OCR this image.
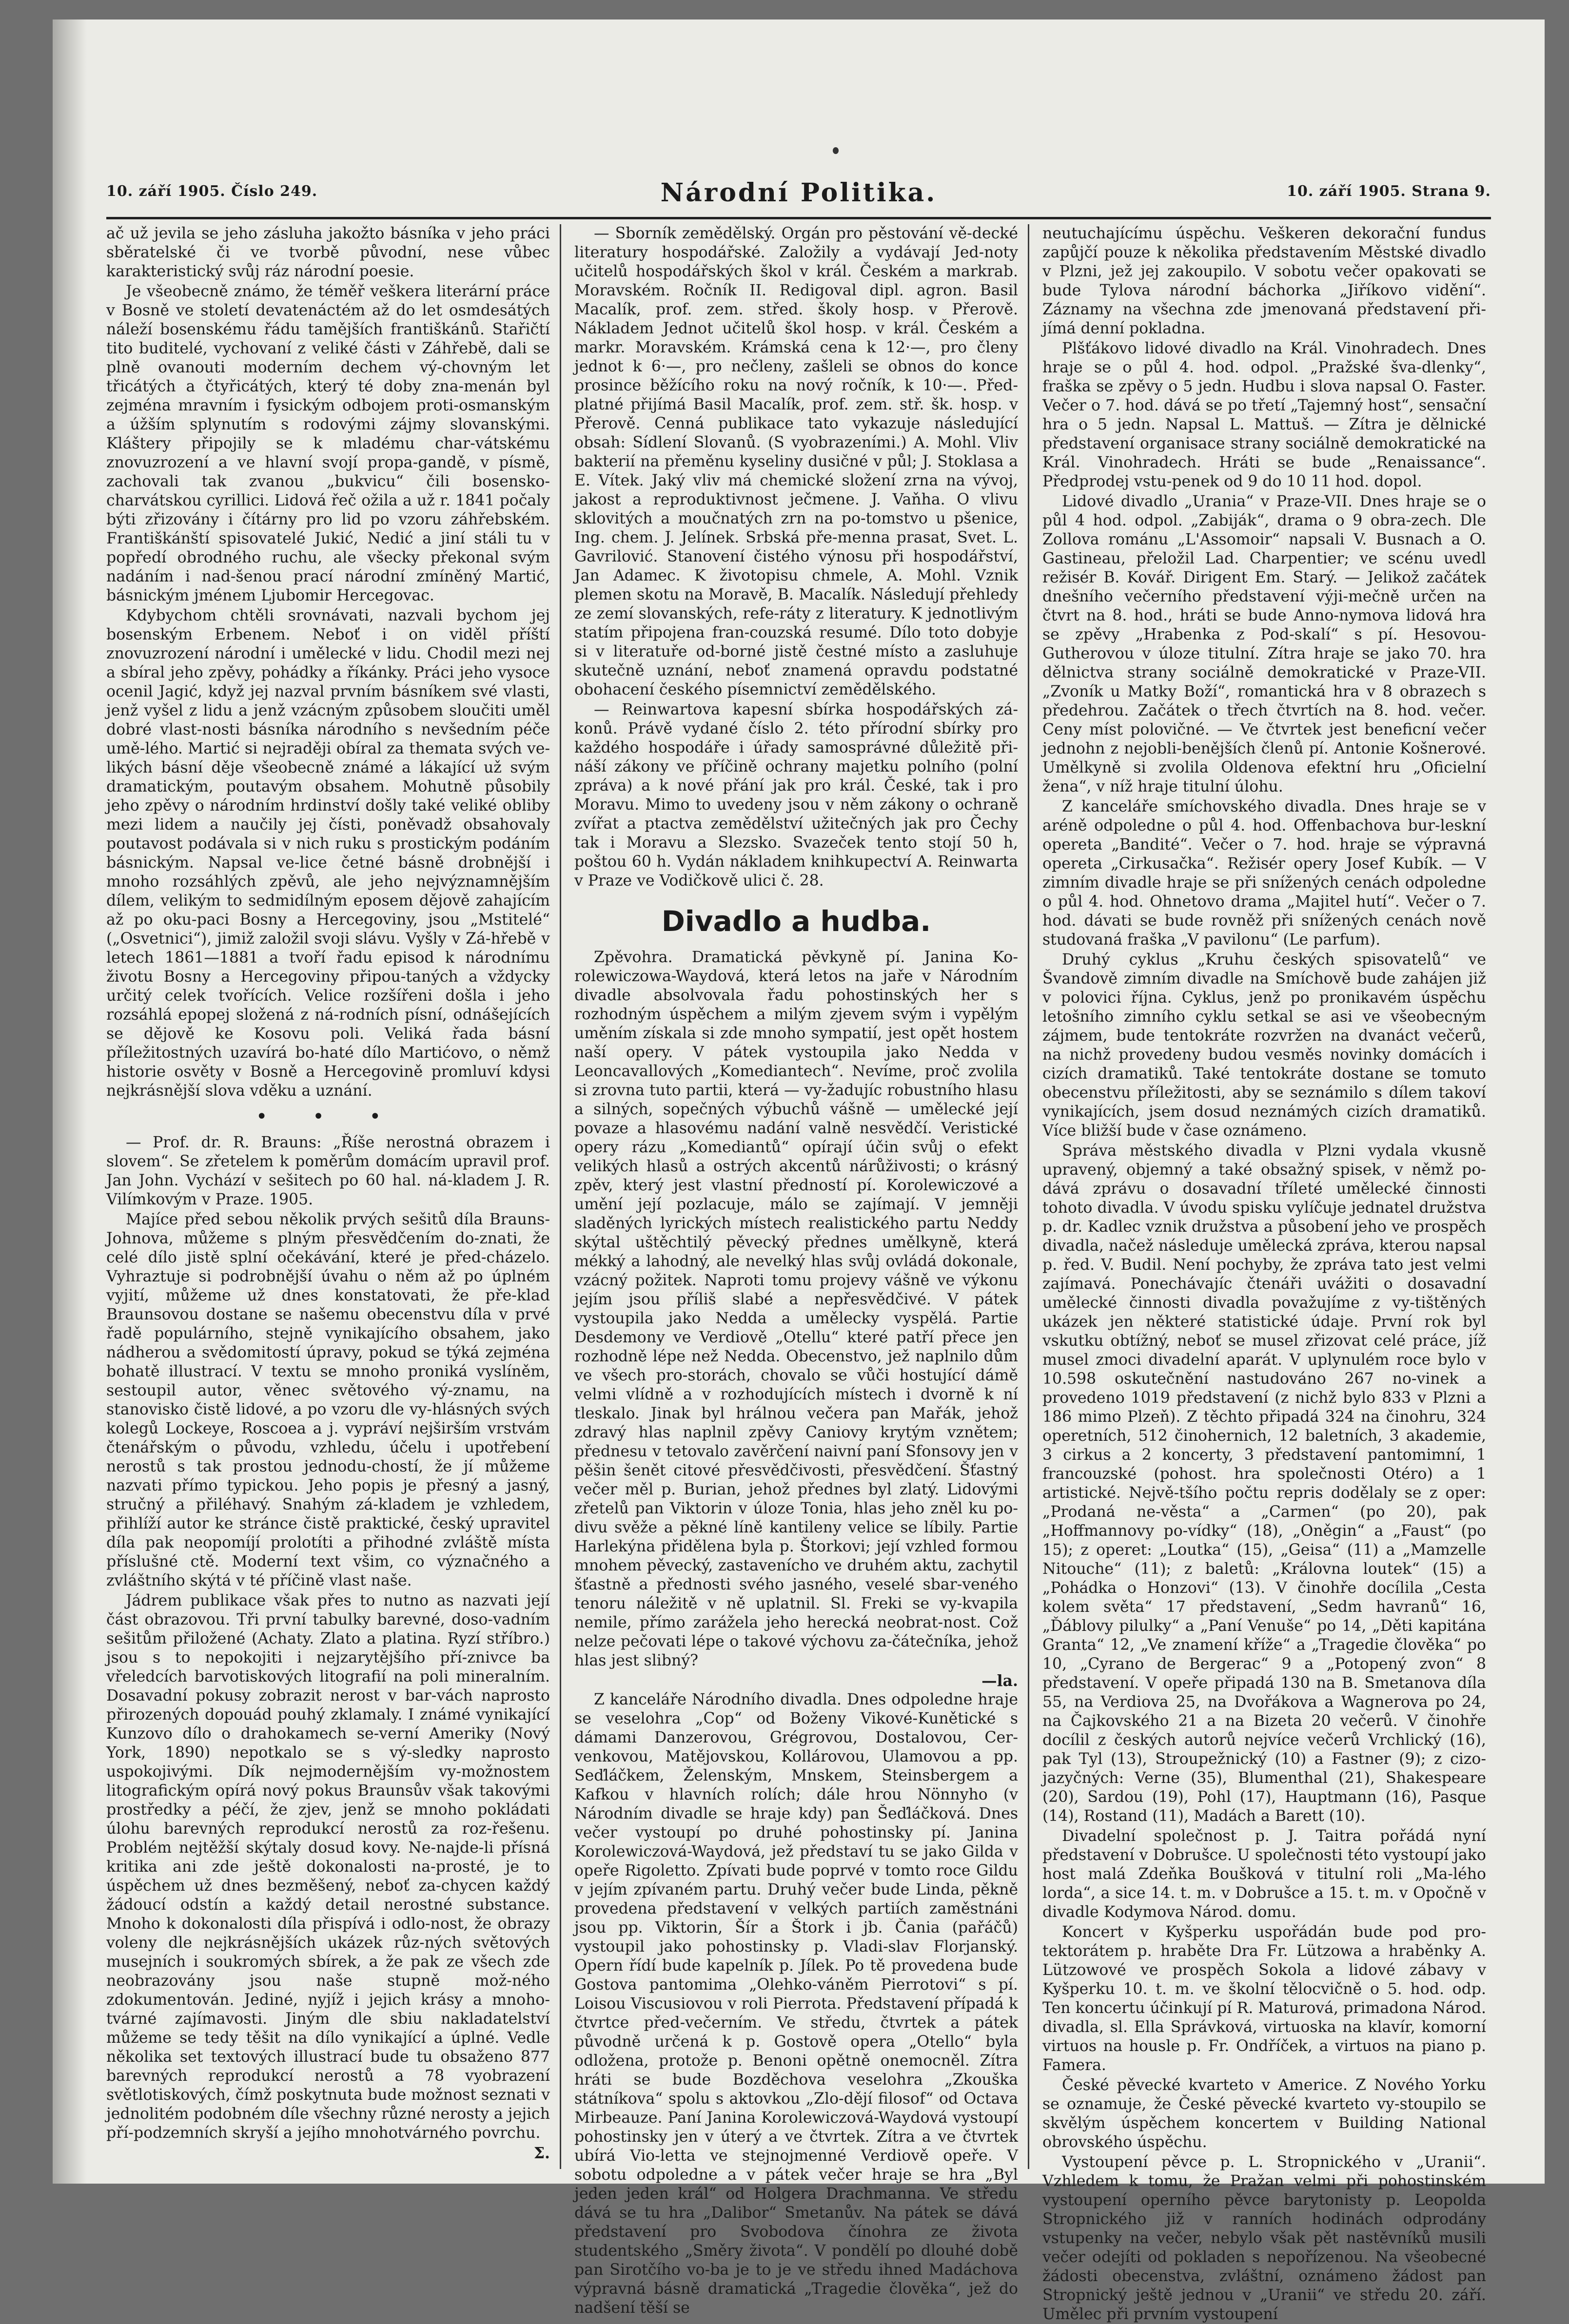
10. září 1905. Číslo 249.	Národní Politika.	10. září 1905. Strana 9.

ač už jevila se jeho zásluha jakožto básníka v jeho práci sběratelské či ve tvorbě původní, nese vůbec karakteristický svůj ráz národní poesie.

Je všeobecně známo, že téměř veškera literární práce v Bosně ve století devatenáctém až do let osmdesátých náleží bosenskému řádu tamějších františkánů. Stařičtí tito buditelé, vychovaní z veliké části v Záhřebě, dali se plně ovanouti moderním dechem vý-chovným let třicátých a čtyřicátých, který té doby zna-menán byl zejména mravním i fysickým odbojem proti-osmanským a úžším splynutím s rodovými zájmy slovanskými. Kláštery připojily se k mladému char-vátskému znovuzrození a ve hlavní svojí propa-gandě, v písmě, zachovali tak zvanou „bukvicu“ čili bosensko-charvátskou cyrillici. Lidová řeč ožila a už r. 1841 počaly býti zřizovány i čítárny pro lid po vzoru záhřebském. Františkánští spisovatelé Jukić, Nedić a jiní stáli tu v popředí obrodného ruchu, ale všecky překonal svým nadáním i nad-šenou prací národní zmíněný Martić, básnickým jménem Ljubomir Hercegovac.

Kdybychom chtěli srovnávati, nazvali bychom jej bosenským Erbenem. Neboť i on viděl příští znovuzrození národní i umělecké v lidu. Chodil mezi nej a sbíral jeho zpěvy, pohádky a říkánky. Práci jeho vysoce ocenil Jagić, když jej nazval prvním básníkem své vlasti, jenž vyšel z lidu a jenž vzácným způsobem sloučiti uměl dobré vlast-nosti básníka národního s nevšedním péče umě-lého. Martić si nejraději obíral za themata svých ve-likých básní děje všeobecně známé a lákající už svým dramatickým, poutavým obsahem. Mohutně působily jeho zpěvy o národním hrdinství došly také veliké obliby mezi lidem a naučily jej čísti, poněvadž obsahovaly poutavost podávala si v nich ruku s prostickým podáním básnickým. Napsal ve-lice četné básně drobnější i mnoho rozsáhlých zpěvů, ale jeho nejvýznamnějším dílem, velikým to sedmidílným eposem dějově zahajícím až po oku-paci Bosny a Hercegoviny, jsou „Mstitelé“ („Osvetnici“), jimiž založil svoji slávu. Vyšly v Zá-hřebě v letech 1861—1881 a tvoří řadu episod k národnímu životu Bosny a Hercegoviny připou-taných a vždycky určitý celek tvořících. Velice rozšířeni došla i jeho rozsáhlá epopej složená z ná-rodních písní, odnášejících se dějově ke Kosovu poli. Veliká řada básní příležitostných uzavírá bo-haté dílo Martićovo, o němž historie osvěty v Bosně a Hercegovině promluví kdysi nejkrásnější slova vděku a uznání.

• • •

— Prof. dr. R. Brauns: „Říše nerostná obrazem i slovem“. Se zřetelem k poměrům domácím upravil prof. Jan John. Vychází v sešitech po 60 hal. ná-kladem J. R. Vilímkovým v Praze. 1905.

Majíce před sebou několik prvých sešitů díla Brauns-Johnova, můžeme s plným přesvědčením do-znati, že celé dílo jistě splní očekávání, které je před-cházelo. Vyhraztuje si podrobnější úvahu o něm až po úplném vyjití, můžeme už dnes konstatovati, že pře-klad Braunsovou dostane se našemu obecenstvu díla v prvé řadě populárního, stejně vynikajícího obsahem, jako nádherou a svědomitostí úpravy, pokud se týká zejména bohatě illustrací. V textu se mnoho proniká vyslíněm, sestoupil autor, věnec světového vý-znamu, na stanovisko čistě lidové, a po vzoru dle vy-hlásných svých kolegů Lockeye, Roscoea a j. vypráví nejširším vrstvám čtenářským o původu, vzhledu, účelu i upotřebení nerostů s tak prostou jednodu-chostí, že jí můžeme nazvati přímo typickou. Jeho popis je přesný a jasný, stručný a přiléhavý. Snahým zá-kladem je vzhledem, přihlíží autor ke stránce čistě praktické, český upravitel díla pak neopomíjí prolotíti a přihodné zvláště místa příslušné ctě. Moderní text všim, co význačného a zvláštního skýtá v té příčině vlast naše.

Jádrem publikace však přes to nutno as nazvati její část obrazovou. Tři první tabulky barevné, doso-vadním sešitům přiložené (Achaty. Zlato a platina. Ryzí stříbro.) jsou s to nepokojiti i nejzarytějšího pří-znivce ba vřeledcích barvotiskových litografií na poli mineralním. Dosavadní pokusy zobrazit nerost v bar-vách naprosto přirozených dopouád pouhý zklamaly. I známé vynikající Kunzovo dílo o drahokamech se-verní Ameriky (Nový York, 1890) nepotkalo se s vý-sledky naprosto uspokojivými. Dík nejmodernějším vy-možnostem litografickým opírá nový pokus Braunsův však takovými prostředky a péčí, že zjev, jenž se mnoho pokládati úlohu barevných reprodukcí nerostů za roz-řešenu. Problém nejtěžší skýtaly dosud kovy. Ne-najde-li přísná kritika ani zde ještě dokonalosti na-prosté, je to úspěchem už dnes bezměšený, neboť za-chycen každý žádoucí odstín a každý detail nerostné substance. Mnoho k dokonalosti díla přispívá i odlo-nost, že obrazy voleny dle nejkrásnějších ukázek růz-ných světových musejních i soukromých sbírek, a že pak ze všech zde neobrazovány jsou naše stupně mož-ného zdokumentován. Jediné, nyjíž i jejich krásy a mnoho-tvárné zajímavosti. Jiným dle sbiu nakladatelství můžeme se tedy těšit na dílo vynikající a úplné. Vedle několika set textových illustrací bude tu obsaženo 877 barevných reprodukcí nerostů a 78 vyobrazení světlotiskových, čímž poskytnuta bude možnost seznati v jednolitém podobném díle všechny různé nerosty a jejich pří-podzemních skryší a jejího mnohotvárného povrchu.

Σ.

— Sborník zemědělský. Orgán pro pěstování vě-decké literatury hospodářské. Založily a vydávají Jed-noty učitelů hospodářských škol v král. Českém a markrab. Moravském. Ročník II. Redigoval dipl. agron. Basil Macalík, prof. zem. střed. školy hosp. v Přerově. Nákladem Jednot učitelů škol hosp. v král. Českém a markr. Moravském. Krámská cena k 12·—, pro členy jednot k 6·—, pro nečleny, zašleli se obnos do konce prosince běžícího roku na nový ročník, k 10·—. Před-platné přijímá Basil Macalík, prof. zem. stř. šk. hosp. v Přerově. Cenná publikace tato vykazuje následující obsah: Sídlení Slovanů. (S vyobrazeními.) A. Mohl. Vliv bakterií na přeměnu kyseliny dusičné v půl; J. Stoklasa a E. Vítek. Jaký vliv má chemické složení zrna na vývoj, jakost a reproduktivnost ječmene. J. Vaňha. O vlivu sklovitých a moučnatých zrn na po-tomstvo u pšenice, Ing. chem. J. Jelínek. Srbská pře-menna prasat, Svet. L. Gavrilović. Stanovení čistého výnosu při hospodářství, Jan Adamec. K životopisu chmele, A. Mohl. Vznik plemen skotu na Moravě, B. Macalík. Následují přehledy ze zemí slovanských, refe-ráty z literatury. K jednotlivým statím připojena fran-couzská resumé. Dílo toto dobyje si v literatuře od-borné jistě čestné místo a zasluhuje skutečně uznání, neboť znamená opravdu podstatné obohacení českého písemnictví zemědělského.

— Reinwartova kapesní sbírka hospodářských zá-konů. Právě vydané číslo 2. této přírodní sbírky pro každého hospodáře i úřady samosprávné důležitě při-náší zákony ve příčině ochrany majetku polního (polní zpráva) a k nové přání jak pro král. České, tak i pro Moravu. Mimo to uvedeny jsou v něm zákony o ochraně zvířat a ptactva zemědělství užitečných jak pro Čechy tak i Moravu a Slezsko. Svazeček tento stojí 50 h, poštou 60 h. Vydán nákladem knihkupectví A. Reinwarta v Praze ve Vodičkově ulici č. 28.

Divadlo a hudba.

Zpěvohra. Dramatická pěvkyně pí. Janina Ko-rolewiczowa-Waydová, která letos na jaře v Národním divadle absolvovala řadu pohostinských her s rozhodným úspěchem a milým zjevem svým i vypělým uměním získala si zde mnoho sympatií, jest opět hostem naší opery. V pátek vystoupila jako Nedda v Leoncavallových „Komediantech“. Nevíme, proč zvolila si zrovna tuto partii, která — vy-žadujíc robustního hlasu a silných, sopečných výbuchů vášně — umělecké její povaze a hlasovému nadání valně nesvědčí. Veristické opery rázu „Komediantů“ opírají účin svůj o efekt velikých hlasů a ostrých akcentů nárůživosti; o krásný zpěv, který jest vlastní předností pí. Korolewiczové a umění její pozlacuje, málo se zajímají. V jemněji sladěných lyrických místech realistického partu Neddy skýtal uštěchtilý pěvecký přednes umělkyně, která mékký a lahodný, ale nevelký hlas svůj ovládá dokonale, vzácný požitek. Naproti tomu projevy vášně ve výkonu jejím jsou příliš slabé a nepřesvědčivé. V pátek vystoupila jako Nedda a umělecky vyspělá. Partie Desdemony ve Verdiově „Otellu“ které patří přece jen rozhodně lépe než Nedda. Obecenstvo, jež naplnilo dům ve všech pro-storách, chovalo se vůči hostující dámě velmi vlídně a v rozhodujících místech i dvorně k ní tleskalo. Jinak byl hrálnou večera pan Mařák, jehož zdravý hlas naplnil zpěvy Caniovy krytým vznětem; přednesu v tetovalo zavěrčení naivní paní Sfonsovy jen v pěšin šenět citové přesvědčivosti, přesvědčení. Šťastný večer měl p. Burian, jehož přednes byl zlatý. Lidovými zřetelů pan Viktorin v úloze Tonia, hlas jeho zněl ku po-divu svěže a pěkné líně kantileny velice se líbily. Partie Harlekýna přidělena byla p. Štorkovi; její vzhled formou mnohem pěvecký, zastavenícho ve druhém aktu, zachytil šťastně a přednosti svého jasného, veselé sbar-veného tenoru náležitě v ně uplatnil. Sl. Freki se vy-kvapila nemile, přímo zarážela jeho herecká neobrat-nost. Což nelze pečovati lépe o takové výchovu za-čátečníka, jehož hlas jest slibný?

—la.

Z kanceláře Národního divadla. Dnes odpoledne hraje se veselohra „Cop“ od Boženy Vikové-Kunětické s dámami Danzerovou, Grégrovou, Dostalovou, Cer-venkovou, Matějovskou, Kollárovou, Ulamovou a pp. Seďláčkem, Želenským, Mnskem, Steinsbergem a Kafkou v hlavních rolích; dále hrou Nönnyho (v Národním divadle se hraje kdy) pan Šeďláčková. Dnes večer vystoupí po druhé pohostinsky pí. Janina Korolewiczová-Waydová, jež představí tu se jako Gilda v opeře Rigoletto. Zpívati bude poprvé v tomto roce Gildu v jejím zpívaném partu. Druhý večer bude Linda, pěkně provedena představení v velkých partiích zaměstnáni jsou pp. Viktorin, Šír a Štork i jb. Čania (pařáčů) vystoupil jako pohostinsky p. Vladi-slav Florjanský. Opern řídí bude kapelník p. Jílek. Po tě provedena bude Gostova pantomima „Olehko-váněm Pierrotovi“ s pí. Loisou Viscusiovou v roli Pierrota. Představení případá k čtvrtce před-večerním. Ve středu, čtvrtek a pátek původně určená k p. Gostově opera „Otello“ byla odložena, protože p. Benoni opětně onemocněl. Zítra hráti se bude Bozděchova veselohra „Zkouška státníkova“ spolu s aktovkou „Zlo-dějí filosof“ od Octava Mirbeauze. Paní Janina Korolewiczová-Waydová vystoupí pohostinsky jen v úterý a ve čtvrtek. Zítra a ve čtvrtek ubírá Vio-letta ve stejnojmenné Verdiově opeře. V sobotu odpoledne a v pátek večer hraje se hra „Byl jeden jeden král“ od Holgera Drachmanna. Ve středu dává se tu hra „Dalibor“ Smetanův. Na pátek se dává představení pro Svobodova čínohra ze života studentského „Směry života“. V pondělí po dlouhé době pan Sirotčího vo-ba je to je ve středu ihned Madáchova výpravná básně dramatická „Tragedie člověka“, jež do nadšení těší se

neutuchajícímu úspěchu. Veškeren dekorační fundus zapůjčí pouze k několika představením Městské divadlo v Plzni, jež jej zakoupilo. V sobotu večer opakovati se bude Tylova národní báchorka „Jiříkovo vidění“. Záznamy na všechna zde jmenovaná představení při-jímá denní pokladna.

Plšťákovo lidové divadlo na Král. Vinohradech. Dnes hraje se o půl 4. hod. odpol. „Pražské šva-dlenky“, fraška se zpěvy o 5 jedn. Hudbu i slova napsal O. Faster. Večer o 7. hod. dává se po třetí „Tajemný host“, sensační hra o 5 jedn. Napsal L. Mattuš. — Zítra je dělnické představení organisace strany sociálně demokratické na Král. Vinohradech. Hráti se bude „Renaissance“. Předprodej vstu-penek od 9 do 10 11 hod. dopol.

Lidové divadlo „Urania“ v Praze-VII. Dnes hraje se o půl 4 hod. odpol. „Zabiják“, drama o 9 obra-zech. Dle Zollova románu „L'Assomoir“ napsali V. Busnach a O. Gastineau, přeložil Lad. Charpentier; ve scénu uvedl režisér B. Kovář. Dirigent Em. Starý. — Jelikož začátek dnešního večerního představení výji-mečně určen na čtvrt na 8. hod., hráti se bude Anno-nymova lidová hra se zpěvy „Hrabenka z Pod-skalí“ s pí. Hesovou-Gutherovou v úloze titulní. Zítra hraje se jako 70. hra dělnictva strany sociálně demokratické v Praze-VII. „Zvoník u Matky Boží“, romantická hra v 8 obrazech s předehrou. Začátek o třech čtvrtích na 8. hod. večer. Ceny míst polovičné. — Ve čtvrtek jest beneficní večer jednohn z nejobli-benějších členů pí. Antonie Košnerové. Umělkyně si zvolila Oldenova efektní hru „Oficielní žena“, v níž hraje titulní úlohu.

Z kanceláře smíchovského divadla. Dnes hraje se v aréně odpoledne o půl 4. hod. Offenbachova bur-leskní opereta „Bandité“. Večer o 7. hod. hraje se výpravná opereta „Cirkusačka“. Režisér opery Josef Kubík. — V zimním divadle hraje se při snížených cenách odpoledne o půl 4. hod. Ohnetovo drama „Majitel hutí“. Večer o 7. hod. dávati se bude rovněž při snížených cenách nově studovaná fraška „V pavilonu“ (Le parfum).

Druhý cyklus „Kruhu českých spisovatelů“ ve Švandově zimním divadle na Smíchově bude zahájen již v polovici října. Cyklus, jenž po pronikavém úspěchu letošního zimního cyklu setkal se asi ve všeobecným zájmem, bude tentokráte rozvržen na dvanáct večerů, na nichž provedeny budou vesměs novinky domácích i cizích dramatiků. Také tentokráte dostane se tomuto obecenstvu příležitosti, aby se seznámilo s dílem takoví vynikajících, jsem dosud neznámých cizích dramatiků. Více bližší bude v čase oznámeno.

Správa městského divadla v Plzni vydala vkusně upravený, objemný a také obsažný spisek, v němž po-dává zprávu o dosavadní tříleté umělecké činnosti tohoto divadla. V úvodu spisku vylíčuje jednatel družstva p. dr. Kadlec vznik družstva a působení jeho ve prospěch divadla, načež následuje umělecká zpráva, kterou napsal p. řed. V. Budil. Není pochyby, že zpráva tato jest velmi zajímavá. Ponechávajíc čtenáři uvážiti o dosavadní umělecké činnosti divadla považujíme z vy-tištěných ukázek jen některé statistické údaje. První rok byl vskutku obtížný, neboť se musel zřizovat celé práce, jíž musel zmoci divadelní aparát. V uplynulém roce bylo v 10.598 oskutečnění nastudováno 267 no-vinek a provedeno 1019 představení (z nichž bylo 833 v Plzni a 186 mimo Plzeň). Z těchto připadá 324 na činohru, 324 operetních, 512 činohernich, 12 baletních, 3 akademie, 3 cirkus a 2 koncerty, 3 představení pantomimní, 1 francouzské (pohost. hra společnosti Otéro) a 1 artistické. Nejvě-tšího počtu repris dodělaly se z oper: „Prodaná ne-věsta“ a „Carmen“ (po 20), pak „Hoffmannovy po-vídky“ (18), „Oněgin“ a „Faust“ (po 15); z operet: „Loutka“ (15), „Geisa“ (11) a „Mamzelle Nitouche“ (11); z baletů: „Královna loutek“ (15) a „Pohádka o Honzovi“ (13). V činohře docílila „Cesta kolem světa“ 17 představení, „Sedm havranů“ 16, „Ďáblovy pilulky“ a „Paní Venuše“ po 14, „Děti kapitána Granta“ 12, „Ve znamení kříže“ a „Tragedie člověka“ po 10, „Cyrano de Bergerac“ 9 a „Potopený zvon“ 8 představení. V opeře připadá 130 na B. Smetanova díla 55, na Verdiova 25, na Dvořákova a Wagnerova po 24, na Čajkovského 21 a na Bizeta 20 večerů. V činohře docílil z českých autorů nejvíce večerů Vrchlický (16), pak Tyl (13), Stroupežnický (10) a Fastner (9); z cizo-jazyčných: Verne (35), Blumenthal (21), Shakespeare (20), Sardou (19), Pohl (17), Hauptmann (16), Pasque (14), Rostand (11), Madách a Barett (10).

Divadelní společnost p. J. Taitra pořádá nyní představení v Dobrušce. U společnosti této vystoupí jako host malá Zdeňka Boušková v titulní roli „Ma-lého lorda“, a sice 14. t. m. v Dobrušce a 15. t. m. v Opočně v divadle Kodymova Národ. domu.

Koncert v Kyšperku uspořádán bude pod pro-tektorátem p. hraběte Dra Fr. Lützowa a hraběnky A. Lützowové ve prospěch Sokola a lidové zábavy v Kyšperku 10. t. m. ve školní tělocvičně o 5. hod. odp. Ten koncertu účinkují pí R. Maturová, primadona Národ. divadla, sl. Ella Správková, virtuoska na klavír, komorní virtuos na housle p. Fr. Ondříček, a virtuos na piano p. Famera.

České pěvecké kvarteto v Americe. Z Nového Yorku se oznamuje, že České pěvecké kvarteto vy-stoupilo se skvělým úspěchem koncertem v Building National obrovského úspěchu.

Vystoupení pěvce p. L. Stropnického v „Uranii“. Vzhledem k tomu, že Pražan velmi při pohostinském vystoupení operního pěvce barytonisty p. Leopolda Stropnického již v ranních hodinách odprodány vstupenky na večer, nebylo však pět nastěvníků musili večer odejíti od pokladen s nepořízenou. Na všeobecné žádosti obecenstva, zvláštní, oznámeno žádost pan Stropnický ještě jednou v „Uranii“ ve středu 20. září. Umělec při prvním vystoupení
